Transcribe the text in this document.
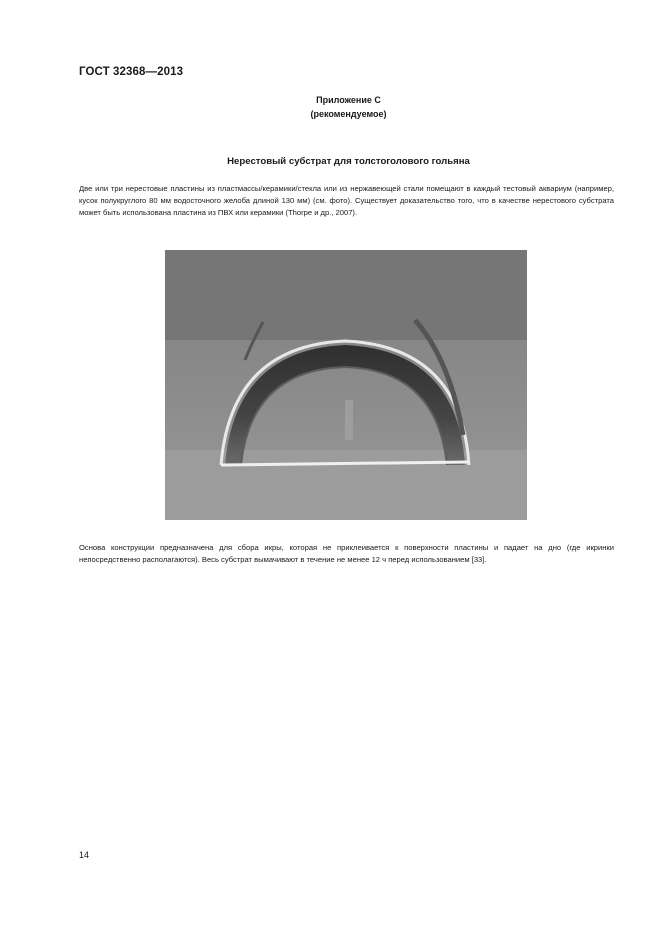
ГОСТ 32368—2013
Приложение С
(рекомендуемое)
Нерестовый субстрат для толстоголового гольяна

Две или три нерестовые пластины из пластмассы/керамики/стекла или из нержавеющей стали помещают в каждый тестовый аквариум (например, кусок полукруглого 80 мм водосточного желоба длиной 130 мм) (см. фото). Существует доказательство того, что в качестве нерестового субстрата может быть использована пластина из ПВХ или керамики (Thorpe и др., 2007).

Основа конструкции предназначена для сбора икры, которая не приклеивается к поверхности пластины и падает на дно (где икринки непосредственно располагаются). Весь субстрат вымачивают в течение не менее 12 ч перед использованием [33].

14
